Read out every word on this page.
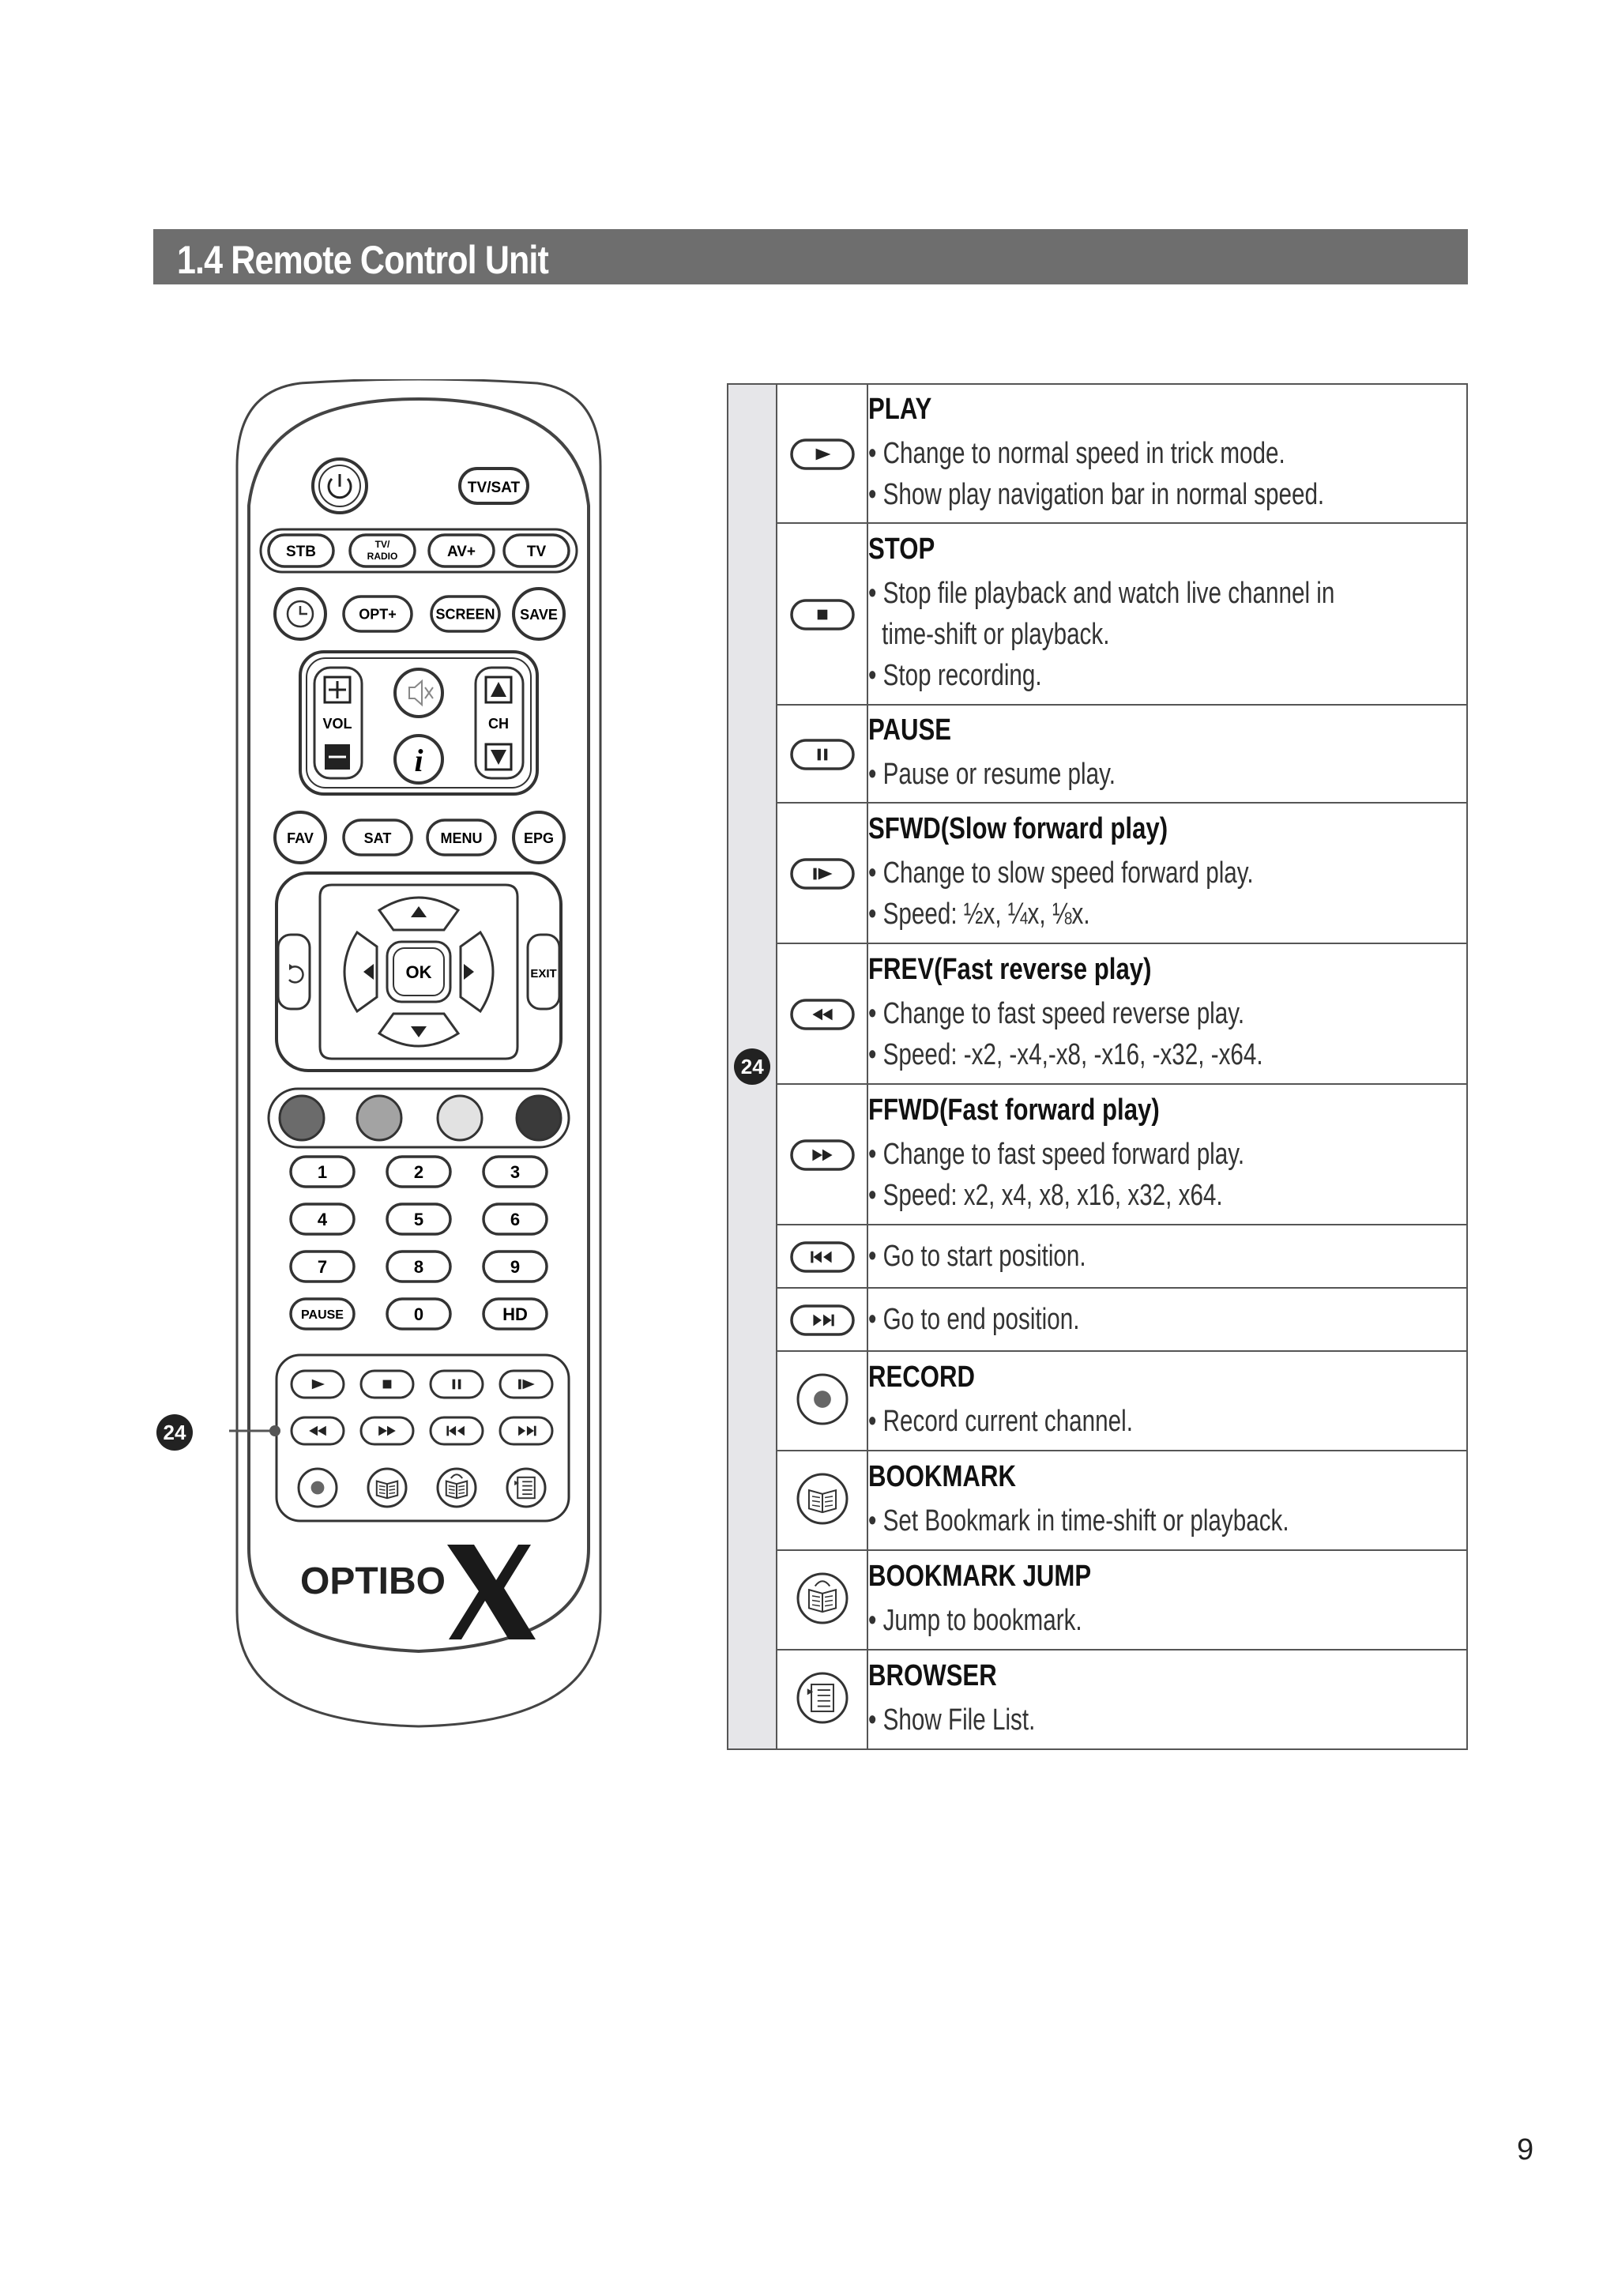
1.4 Remote Control Unit
TV/SAT
STB	TV/
RADIO	AV+	TV
OPT+	SCREEN SAVE
VOL
i
CH
FAV	SAT	MENU	EPG
EXIT
OK
1	2	3
4	5	6
7	8	9
PAUSE	0	HD
OPTIBO
24
24		PLAY
• Change to normal speed in trick mode.
• Show play navigation bar in normal speed.

STOP
• Stop file playback and watch live channel in
time-shift or playback.
• Stop recording.

PAUSE
• Pause or resume play.

SFWD(Slow forward play)
• Change to slow speed forward play.
• Speed: ½x, ¼x, ⅛x.

FREV(Fast reverse play)
• Change to fast speed reverse play.
• Speed: -x2, -x4,-x8, -x16, -x32, -x64.

FFWD(Fast forward play)
• Change to fast speed forward play.
• Speed: x2, x4, x8, x16, x32, x64.

• Go to start position.

• Go to end position.

RECORD
• Record current channel.

BOOKMARK
• Set Bookmark in time-shift or playback.

BOOKMARK JUMP
• Jump to bookmark.

BROWSER
• Show File List.
9
